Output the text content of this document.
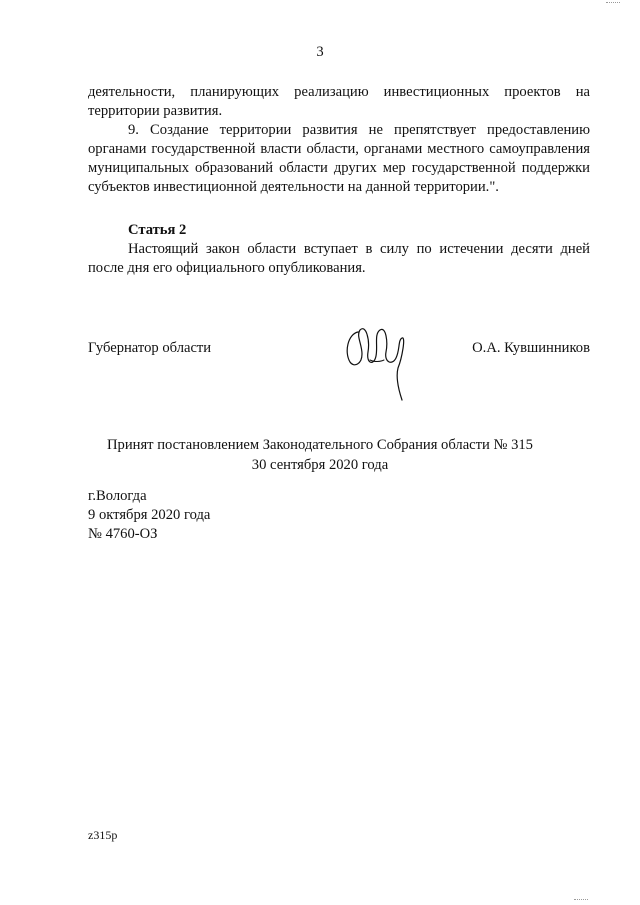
3

деятельности, планирующих реализацию инвестиционных проектов на территории развития.

9. Создание территории развития не препятствует предоставлению органами государственной власти области, органами местного самоуправления муниципальных образований области других мер государственной поддержки субъектов инвестиционной деятельности на данной территории.".

Статья 2

Настоящий закон области вступает в силу по истечении десяти дней после дня его официального опубликования.

Губернатор области	О.А. Кувшинников
Принят постановлением Законодательного Собрания области № 315
30 сентября 2020 года
г.Вологда
9 октября 2020 года
№ 4760-ОЗ
z315p
